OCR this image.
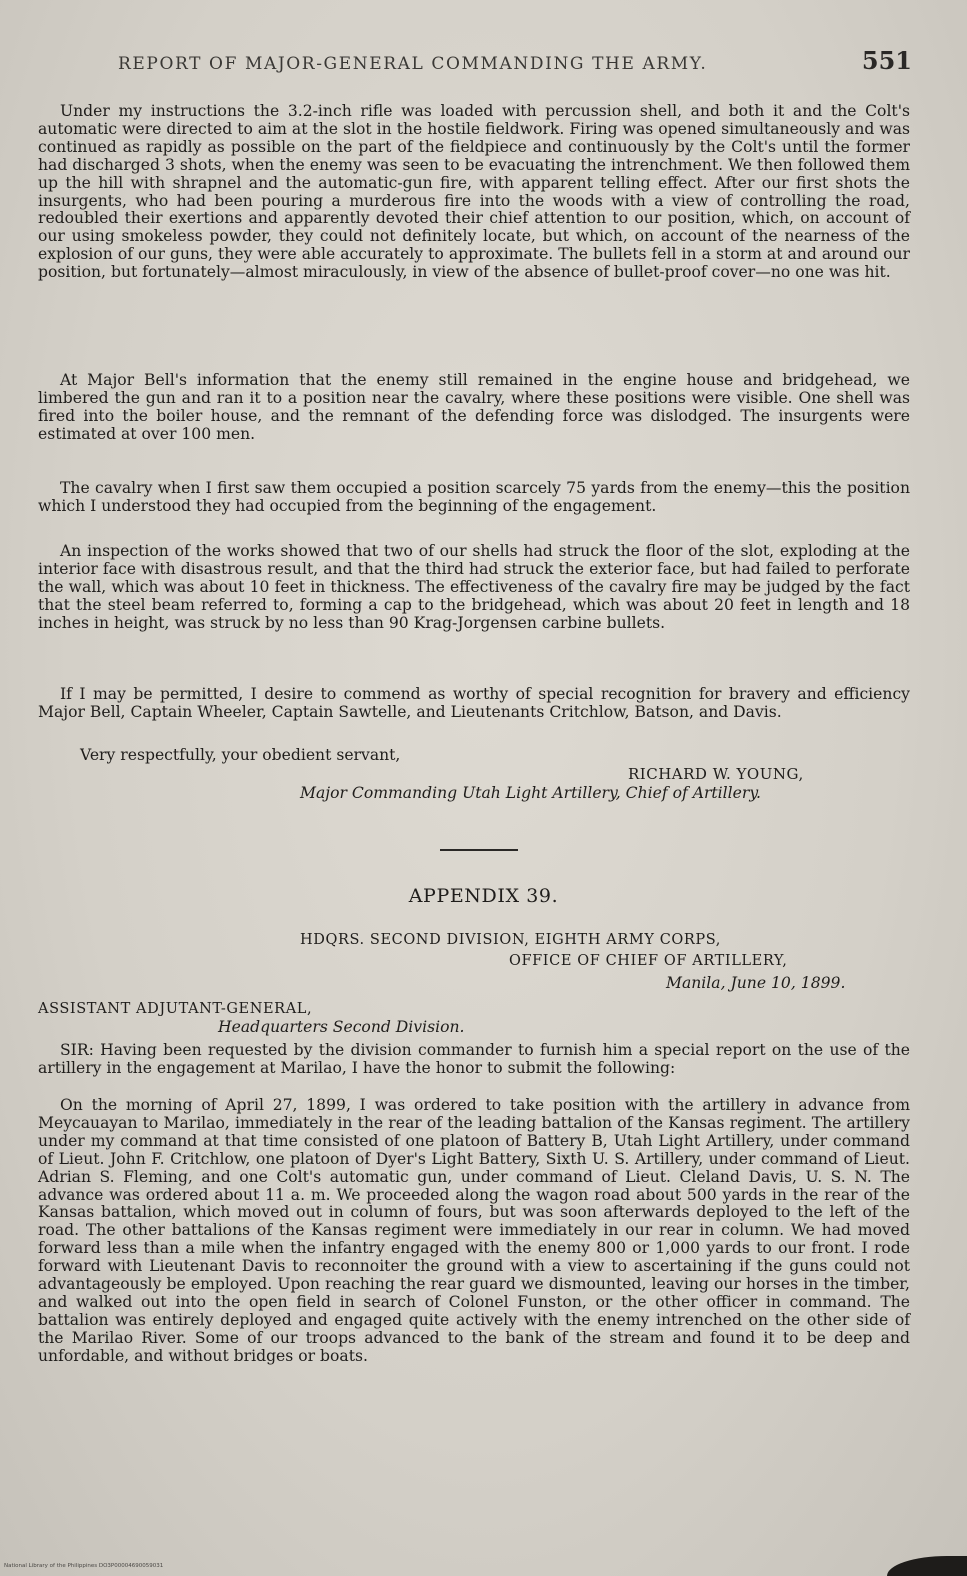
REPORT OF MAJOR-GENERAL COMMANDING THE ARMY.	551

Under my instructions the 3.2-inch rifle was loaded with percussion shell, and both it and the Colt's automatic were directed to aim at the slot in the hostile fieldwork. Firing was opened simultaneously and was continued as rapidly as possible on the part of the fieldpiece and continuously by the Colt's until the former had discharged 3 shots, when the enemy was seen to be evacuating the intrenchment. We then followed them up the hill with shrapnel and the automatic-gun fire, with apparent telling effect. After our first shots the insurgents, who had been pouring a murderous fire into the woods with a view of controlling the road, redoubled their exertions and apparently devoted their chief attention to our position, which, on account of our using smokeless powder, they could not definitely locate, but which, on account of the nearness of the explosion of our guns, they were able accurately to approximate. The bullets fell in a storm at and around our position, but fortunately—almost miraculously, in view of the absence of bullet-proof cover—no one was hit.

At Major Bell's information that the enemy still remained in the engine house and bridgehead, we limbered the gun and ran it to a position near the cavalry, where these positions were visible. One shell was fired into the boiler house, and the remnant of the defending force was dislodged. The insurgents were estimated at over 100 men.

The cavalry when I first saw them occupied a position scarcely 75 yards from the enemy—this the position which I understood they had occupied from the beginning of the engagement.

An inspection of the works showed that two of our shells had struck the floor of the slot, exploding at the interior face with disastrous result, and that the third had struck the exterior face, but had failed to perforate the wall, which was about 10 feet in thickness. The effectiveness of the cavalry fire may be judged by the fact that the steel beam referred to, forming a cap to the bridgehead, which was about 20 feet in length and 18 inches in height, was struck by no less than 90 Krag-Jorgensen carbine bullets.

If I may be permitted, I desire to commend as worthy of special recognition for bravery and efficiency Major Bell, Captain Wheeler, Captain Sawtelle, and Lieutenants Critchlow, Batson, and Davis.

Very respectfully, your obedient servant,
RICHARD W. YOUNG,
Major Commanding Utah Light Artillery, Chief of Artillery.
APPENDIX 39.
HDQRS. SECOND DIVISION, EIGHTH ARMY CORPS,
OFFICE OF CHIEF OF ARTILLERY,
Manila, June 10, 1899.
ASSISTANT ADJUTANT-GENERAL,
Headquarters Second Division.

SIR: Having been requested by the division commander to furnish him a special report on the use of the artillery in the engagement at Marilao, I have the honor to submit the following:

On the morning of April 27, 1899, I was ordered to take position with the artillery in advance from Meycauayan to Marilao, immediately in the rear of the leading battalion of the Kansas regiment. The artillery under my command at that time consisted of one platoon of Battery B, Utah Light Artillery, under command of Lieut. John F. Critchlow, one platoon of Dyer's Light Battery, Sixth U. S. Artillery, under command of Lieut. Adrian S. Fleming, and one Colt's automatic gun, under command of Lieut. Cleland Davis, U. S. N. The advance was ordered about 11 a. m. We proceeded along the wagon road about 500 yards in the rear of the Kansas battalion, which moved out in column of fours, but was soon afterwards deployed to the left of the road. The other battalions of the Kansas regiment were immediately in our rear in column. We had moved forward less than a mile when the infantry engaged with the enemy 800 or 1,000 yards to our front. I rode forward with Lieutenant Davis to reconnoiter the ground with a view to ascertaining if the guns could not advantageously be employed. Upon reaching the rear guard we dismounted, leaving our horses in the timber, and walked out into the open field in search of Colonel Funston, or the other officer in command. The battalion was entirely deployed and engaged quite actively with the enemy intrenched on the other side of the Marilao River. Some of our troops advanced to the bank of the stream and found it to be deep and unfordable, and without bridges or boats.

National Library of the Philippines DO3P00004690059031
